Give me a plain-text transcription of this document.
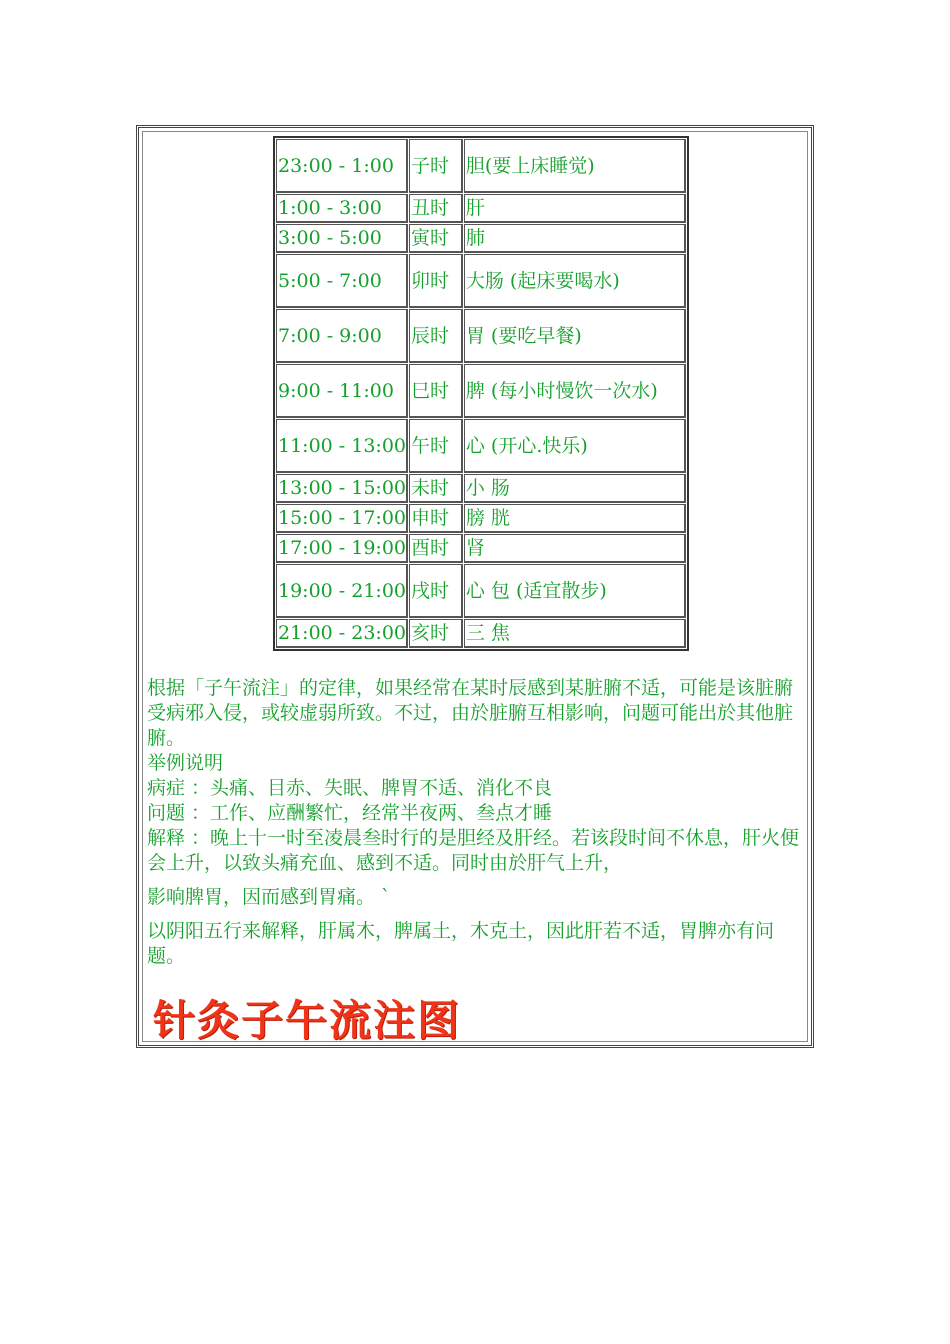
23:00 - 1:00	子时	胆(要上床睡觉)
1:00 - 3:00	丑时	肝
3:00 - 5:00	寅时	肺
5:00 - 7:00	卯时	大肠 (起床要喝水)
7:00 - 9:00	辰时	胃 (要吃早餐)
9:00 - 11:00	巳时	脾 (每小时慢饮一次水)
11:00 - 13:00	午时	心 (开心.快乐)
13:00 - 15:00	未时	小 肠
15:00 - 17:00	申时	膀 胱
17:00 - 19:00	酉时	肾
19:00 - 21:00	戌时	心 包 (适宜散步)
21:00 - 23:00	亥时	三 焦

根据「子午流注」的定律，如果经常在某时辰感到某脏腑不适，可能是该脏腑受病邪入侵，或较虚弱所致。不过，由於脏腑互相影响，问题可能出於其他脏腑。

举例说明

病症 ：头痛、目赤、失眠、脾胃不适、消化不良

问题 ：工作、应酬繁忙，经常半夜两、叁点才睡

解释 ：晚上十一时至凌晨叁时行的是胆经及肝经。若该段时间不休息，肝火便会上升，以致头痛充血、感到不适。同时由於肝气上升，

影响脾胃，因而感到胃痛。 `

以阴阳五行来解释，肝属木，脾属土，木克土，因此肝若不适，胃脾亦有问题。

针灸子午流注图
